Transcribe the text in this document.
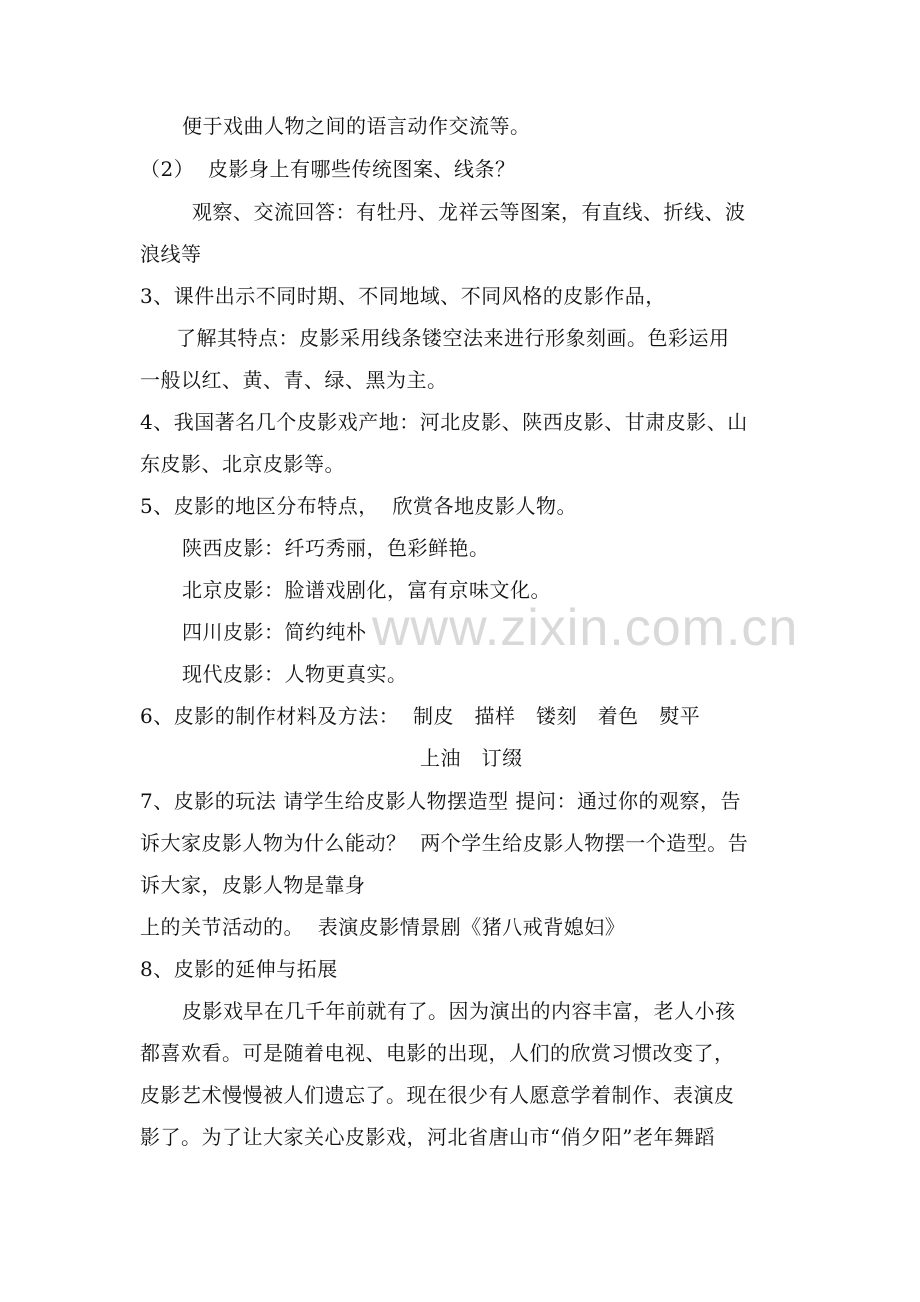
便于戏曲人物之间的语言动作交流等。
（2）  皮影身上有哪些传统图案、线条？
观察、交流回答：有牡丹、龙祥云等图案，有直线、折线、波
浪线等
3、课件出示不同时期、不同地域、不同风格的皮影作品，
了解其特点：皮影采用线条镂空法来进行形象刻画。色彩运用
一般以红、黄、青、绿、黑为主。
4、我国著名几个皮影戏产地：河北皮影、陕西皮影、甘肃皮影、山
东皮影、北京皮影等。
5、皮影的地区分布特点，  欣赏各地皮影人物。
陕西皮影：纤巧秀丽，色彩鲜艳。
北京皮影：脸谱戏剧化，富有京味文化。
四川皮影：简约纯朴
现代皮影：人物更真实。
6、皮影的制作材料及方法：  制皮   描样   镂刻   着色   熨平
上油   订缀
7、皮影的玩法 请学生给皮影人物摆造型 提问：通过你的观察，告
诉大家皮影人物为什么能动？  两个学生给皮影人物摆一个造型。告
诉大家，皮影人物是靠身
上的关节活动的。  表演皮影情景剧《猪八戒背媳妇》
8、皮影的延伸与拓展
皮影戏早在几千年前就有了。因为演出的内容丰富，老人小孩
都喜欢看。可是随着电视、电影的出现，人们的欣赏习惯改变了，
皮影艺术慢慢被人们遗忘了。现在很少有人愿意学着制作、表演皮
影了。为了让大家关心皮影戏，河北省唐山市“俏夕阳”老年舞蹈
www.zixin.com.cn
